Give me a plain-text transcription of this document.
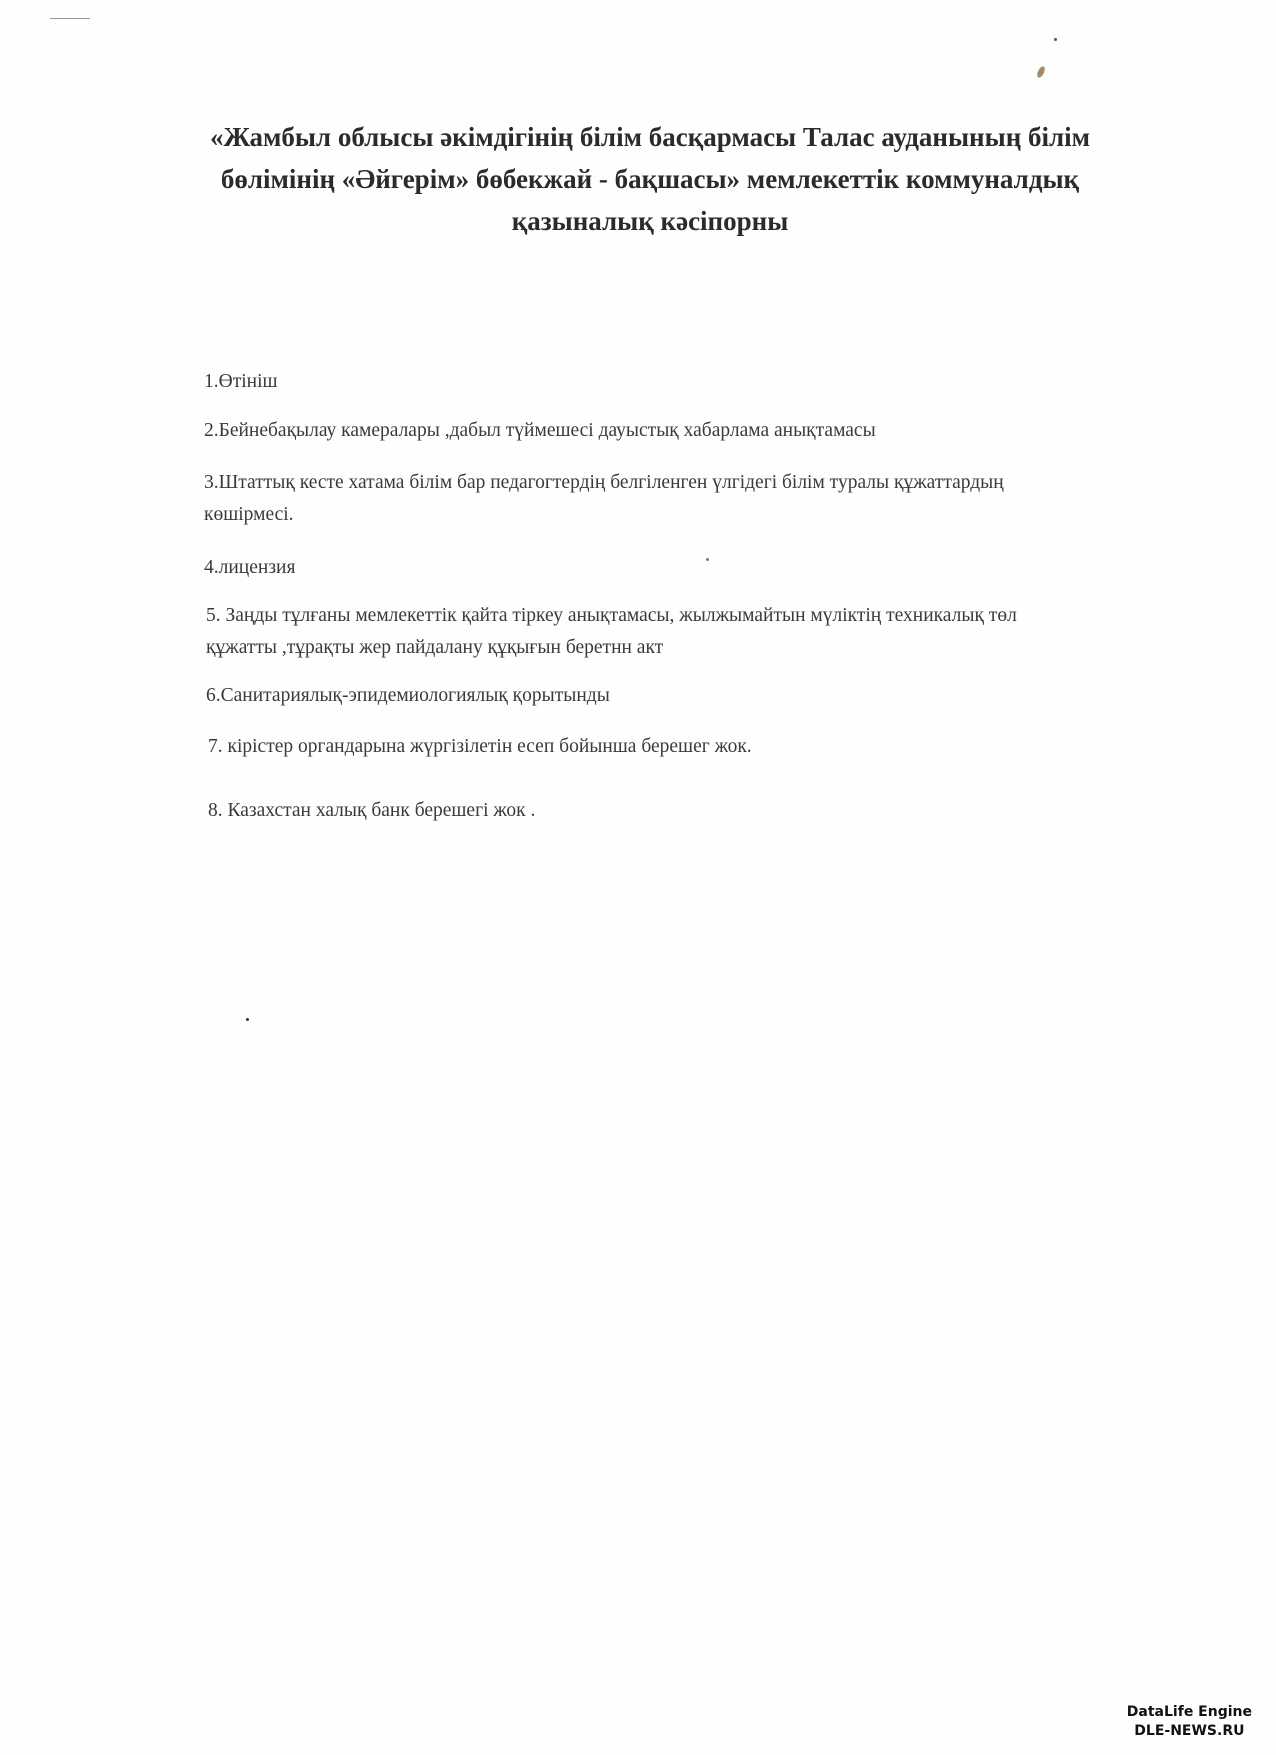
«Жамбыл облысы әкімдігінің білім басқармасы Талас ауданының білім
бөлімінің «Әйгерім» бөбекжай - бақшасы» мемлекеттік коммуналдық
қазыналық кәсіпорны
1.Өтініш
2.Бейнебақылау камералары ,дабыл түймешесі дауыстық хабарлама анықтамасы
3.Штаттық кесте хатама білім бар педагогтердің белгіленген үлгідегі білім туралы құжаттардың
көшірмесі.
4.лицензия
5. Заңды тұлғаны мемлекеттік қайта тіркеу анықтамасы, жылжымайтын мүліктің техникалық төл
құжатты ,тұрақты жер пайдалану құқығын беретнн акт
6.Санитариялық-эпидемиологиялық қорытынды
7. кірістер органдарына жүргізілетін есеп бойынша берешег жок.
8. Казахстан халық банк берешегі жок .
DataLife Engine
DLE-NEWS.RU
